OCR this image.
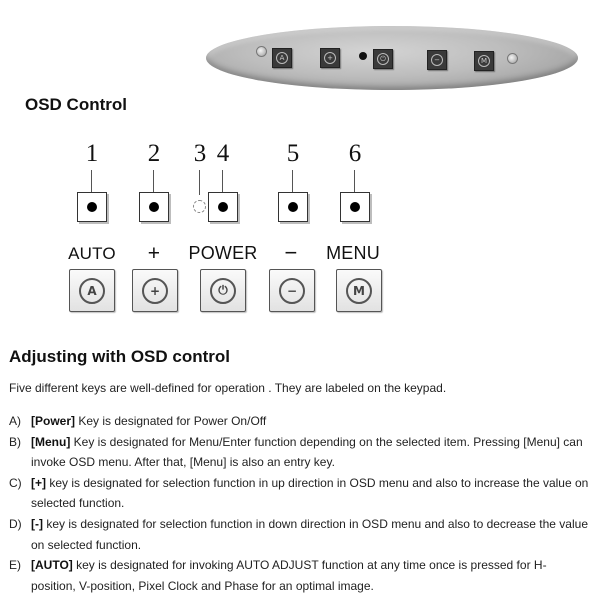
A	+	⏻	−	M
OSD Control
1 2 3 4 5 6
AUTO	+	POWER	−	MENU
A	+	⏻	−	M
Adjusting with OSD control
Five different keys are well-defined for operation . They are labeled on the keypad.
A) [Power] Key is designated for Power On/Off
B) [Menu] Key is designated for Menu/Enter function depending on the selected item. Pressing [Menu] can invoke OSD menu. After that, [Menu] is also an entry key.
C) [+] key is designated for selection function in up direction in OSD menu and also to increase the value on selected function.
D) [-] key is designated for selection function in down direction in OSD menu and also to decrease the value on selected function.
E) [AUTO] key is designated for invoking AUTO ADJUST function at any time once is pressed for H-position, V-position, Pixel Clock and Phase for an optimal image.
